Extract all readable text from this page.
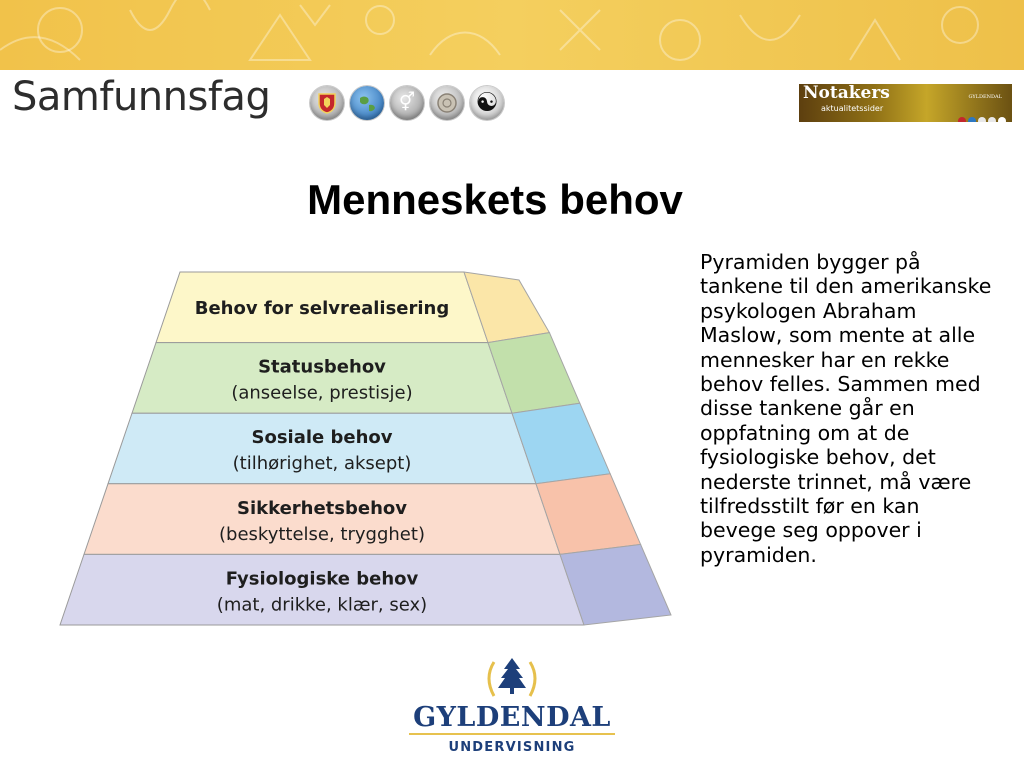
Samfunnsfag	⚥ ☯	Notakers
aktualitetssider
GYLDENDAL
Menneskets behov
Behov for selvrealisering
Statusbehov
(anseelse, prestisje)
Sosiale behov
(tilhørighet, aksept)
Sikkerhetsbehov
(beskyttelse, trygghet)
Fysiologiske behov
(mat, drikke, klær, sex)
Pyramiden bygger på tankene til den amerikanske psykologen Abraham Maslow, som mente at alle mennesker har en rekke behov felles. Sammen med disse tankene går en oppfatning om at de fysiologiske behov, det nederste trinnet, må være tilfredsstilt før en kan bevege seg oppover i pyramiden.
GYLDENDAL
UNDERVISNING
